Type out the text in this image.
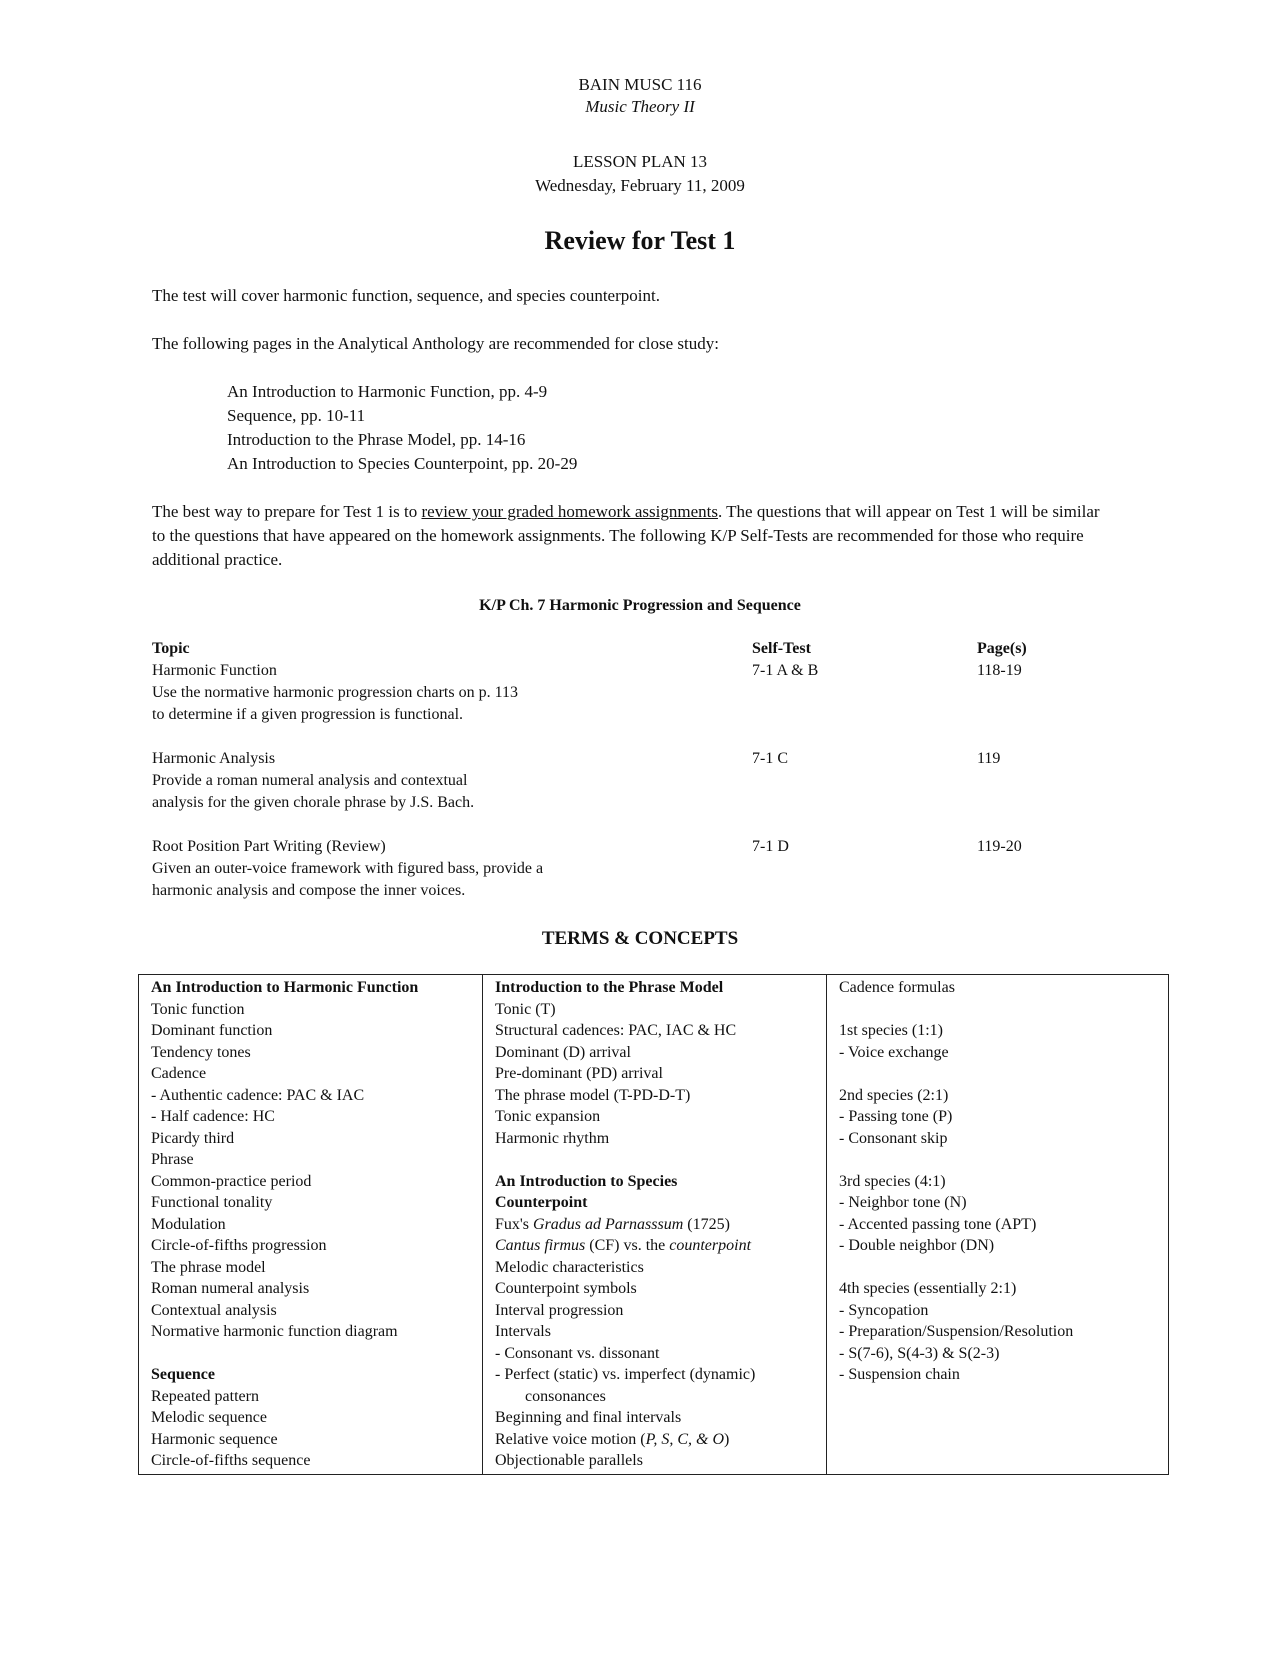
BAIN MUSC 116
Music Theory II
LESSON PLAN 13
Wednesday, February 11, 2009
Review for Test 1
The test will cover harmonic function, sequence, and species counterpoint.
The following pages in the Analytical Anthology are recommended for close study:
An Introduction to Harmonic Function, pp. 4-9
Sequence, pp. 10-11
Introduction to the Phrase Model, pp. 14-16
An Introduction to Species Counterpoint, pp. 20-29
The best way to prepare for Test 1 is to review your graded homework assignments. The questions that will appear on Test 1 will be similar to the questions that have appeared on the homework assignments. The following K/P Self-Tests are recommended for those who require additional practice.
K/P Ch. 7 Harmonic Progression and Sequence
Topic	Self-Test	Page(s)
Harmonic Function	7-1 A & B	118-19
Use the normative harmonic progression charts on p. 113
to determine if a given progression is functional.
Harmonic Analysis	7-1 C	119
Provide a roman numeral analysis and contextual
analysis for the given chorale phrase by J.S. Bach.
Root Position Part Writing (Review)	7-1 D	119-20
Given an outer-voice framework with figured bass, provide a
harmonic analysis and compose the inner voices.
TERMS & CONCEPTS
An Introduction to Harmonic Function
Tonic function
Dominant function
Tendency tones
Cadence
- Authentic cadence: PAC & IAC
- Half cadence: HC
Picardy third
Phrase
Common-practice period
Functional tonality
Modulation
Circle-of-fifths progression
The phrase model
Roman numeral analysis
Contextual analysis
Normative harmonic function diagram
Sequence
Repeated pattern
Melodic sequence
Harmonic sequence
Circle-of-fifths sequence

Introduction to the Phrase Model
Tonic (T)
Structural cadences: PAC, IAC & HC
Dominant (D) arrival
Pre-dominant (PD) arrival
The phrase model (T-PD-D-T)
Tonic expansion
Harmonic rhythm
An Introduction to Species
Counterpoint
Fux's Gradus ad Parnasssum (1725)
Cantus firmus (CF) vs. the counterpoint
Melodic characteristics
Counterpoint symbols
Interval progression
Intervals
- Consonant vs. dissonant
- Perfect (static) vs. imperfect (dynamic)
consonances
Beginning and final intervals
Relative voice motion (P, S, C, & O)
Objectionable parallels

Cadence formulas
1st species (1:1)
- Voice exchange
2nd species (2:1)
- Passing tone (P)
- Consonant skip
3rd species (4:1)
- Neighbor tone (N)
- Accented passing tone (APT)
- Double neighbor (DN)
4th species (essentially 2:1)
- Syncopation
- Preparation/Suspension/Resolution
- S(7-6), S(4-3) & S(2-3)
- Suspension chain
